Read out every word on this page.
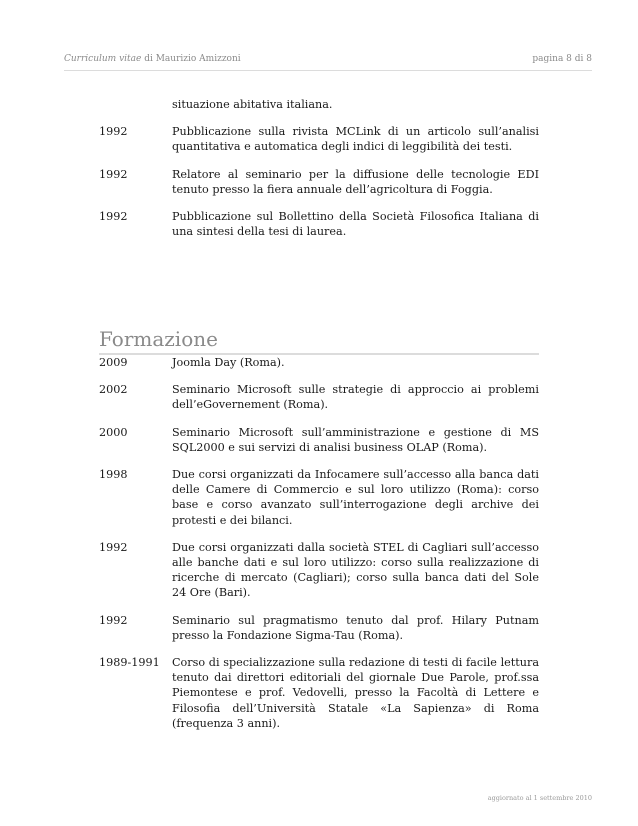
Curriculum vitae di Maurizio Amizzoni	pagina 8 di 8
situazione abitativa italiana.
1992	Pubblicazione sulla rivista MCLink di un articolo sull’analisi quantitativa e automatica degli indici di leggibilità dei testi.
1992	Relatore al seminario per la diffusione delle tecnologie EDI tenuto presso la fiera annuale dell’agricoltura di Foggia.
1992	Pubblicazione sul Bollettino della Società Filosofica Italiana di una sintesi della tesi di laurea.
Formazione
2009	Joomla Day (Roma).
2002	Seminario Microsoft sulle strategie di approccio ai problemi dell’eGovernement (Roma).
2000	Seminario Microsoft sull’amministrazione e gestione di MS SQL2000 e sui servizi di analisi business OLAP (Roma).
1998	Due corsi organizzati da Infocamere sull’accesso alla banca dati delle Camere di Commercio e sul loro utilizzo (Roma): corso base e corso avanzato sull’interrogazione degli archive dei protesti e dei bilanci.
1992	Due corsi organizzati dalla società STEL di Cagliari sull’accesso alle banche dati e sul loro utilizzo: corso sulla realizzazione di ricerche di mercato (Cagliari); corso sulla banca dati del Sole 24 Ore (Bari).
1992	Seminario sul pragmatismo tenuto dal prof. Hilary Putnam presso la Fondazione Sigma-Tau (Roma).
1989-1991	Corso di specializzazione sulla redazione di testi di facile lettura tenuto dai direttori editoriali del giornale Due Parole, prof.ssa Piemontese e prof. Vedovelli, presso la Facoltà di Lettere e Filosofia dell’Università Statale «La Sapienza» di Roma (frequenza 3 anni).
aggiornato al 1 settembre 2010
